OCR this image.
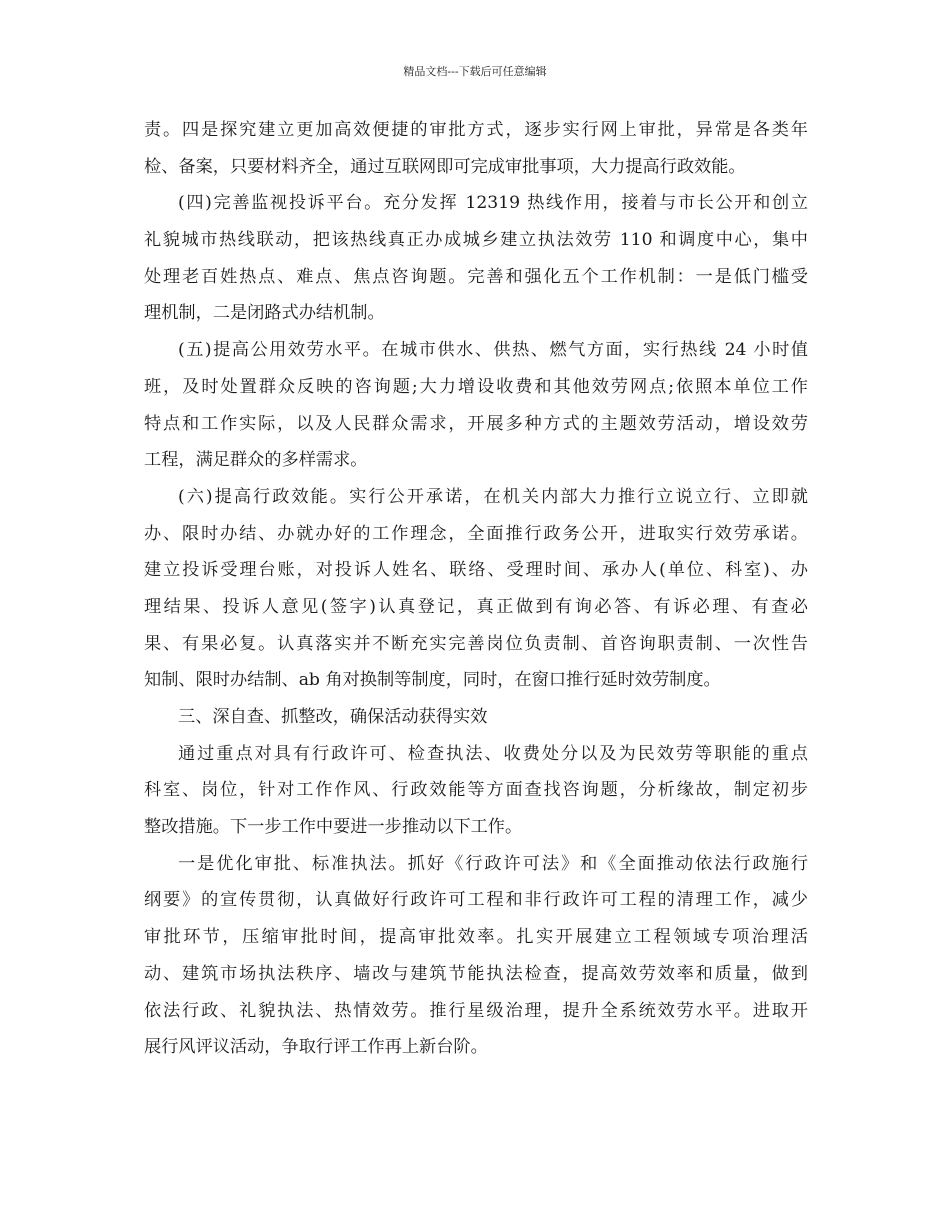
精品文档---下载后可任意编辑
责。四是探究建立更加高效便捷的审批方式，逐步实行网上审批，异常是各类年
检、备案，只要材料齐全，通过互联网即可完成审批事项，大力提高行政效能。
(四)完善监视投诉平台。充分发挥 12319 热线作用，接着与市长公开和创立
礼貌城市热线联动，把该热线真正办成城乡建立执法效劳 110 和调度中心，集中
处理老百姓热点、难点、焦点咨询题。完善和强化五个工作机制：一是低门槛受
理机制，二是闭路式办结机制。
(五)提高公用效劳水平。在城市供水、供热、燃气方面，实行热线 24 小时值
班，及时处置群众反映的咨询题;大力增设收费和其他效劳网点;依照本单位工作
特点和工作实际，以及人民群众需求，开展多种方式的主题效劳活动，增设效劳
工程，满足群众的多样需求。
(六)提高行政效能。实行公开承诺，在机关内部大力推行立说立行、立即就
办、限时办结、办就办好的工作理念，全面推行政务公开，进取实行效劳承诺。
建立投诉受理台账，对投诉人姓名、联络、受理时间、承办人(单位、科室)、办
理结果、投诉人意见(签字)认真登记，真正做到有询必答、有诉必理、有查必
果、有果必复。认真落实并不断充实完善岗位负责制、首咨询职责制、一次性告
知制、限时办结制、ab 角对换制等制度，同时，在窗口推行延时效劳制度。
三、深自查、抓整改，确保活动获得实效
通过重点对具有行政许可、检查执法、收费处分以及为民效劳等职能的重点
科室、岗位，针对工作作风、行政效能等方面查找咨询题，分析缘故，制定初步
整改措施。下一步工作中要进一步推动以下工作。
一是优化审批、标准执法。抓好《行政许可法》和《全面推动依法行政施行
纲要》的宣传贯彻，认真做好行政许可工程和非行政许可工程的清理工作，减少
审批环节，压缩审批时间，提高审批效率。扎实开展建立工程领域专项治理活
动、建筑市场执法秩序、墙改与建筑节能执法检查，提高效劳效率和质量，做到
依法行政、礼貌执法、热情效劳。推行星级治理，提升全系统效劳水平。进取开
展行风评议活动，争取行评工作再上新台阶。
